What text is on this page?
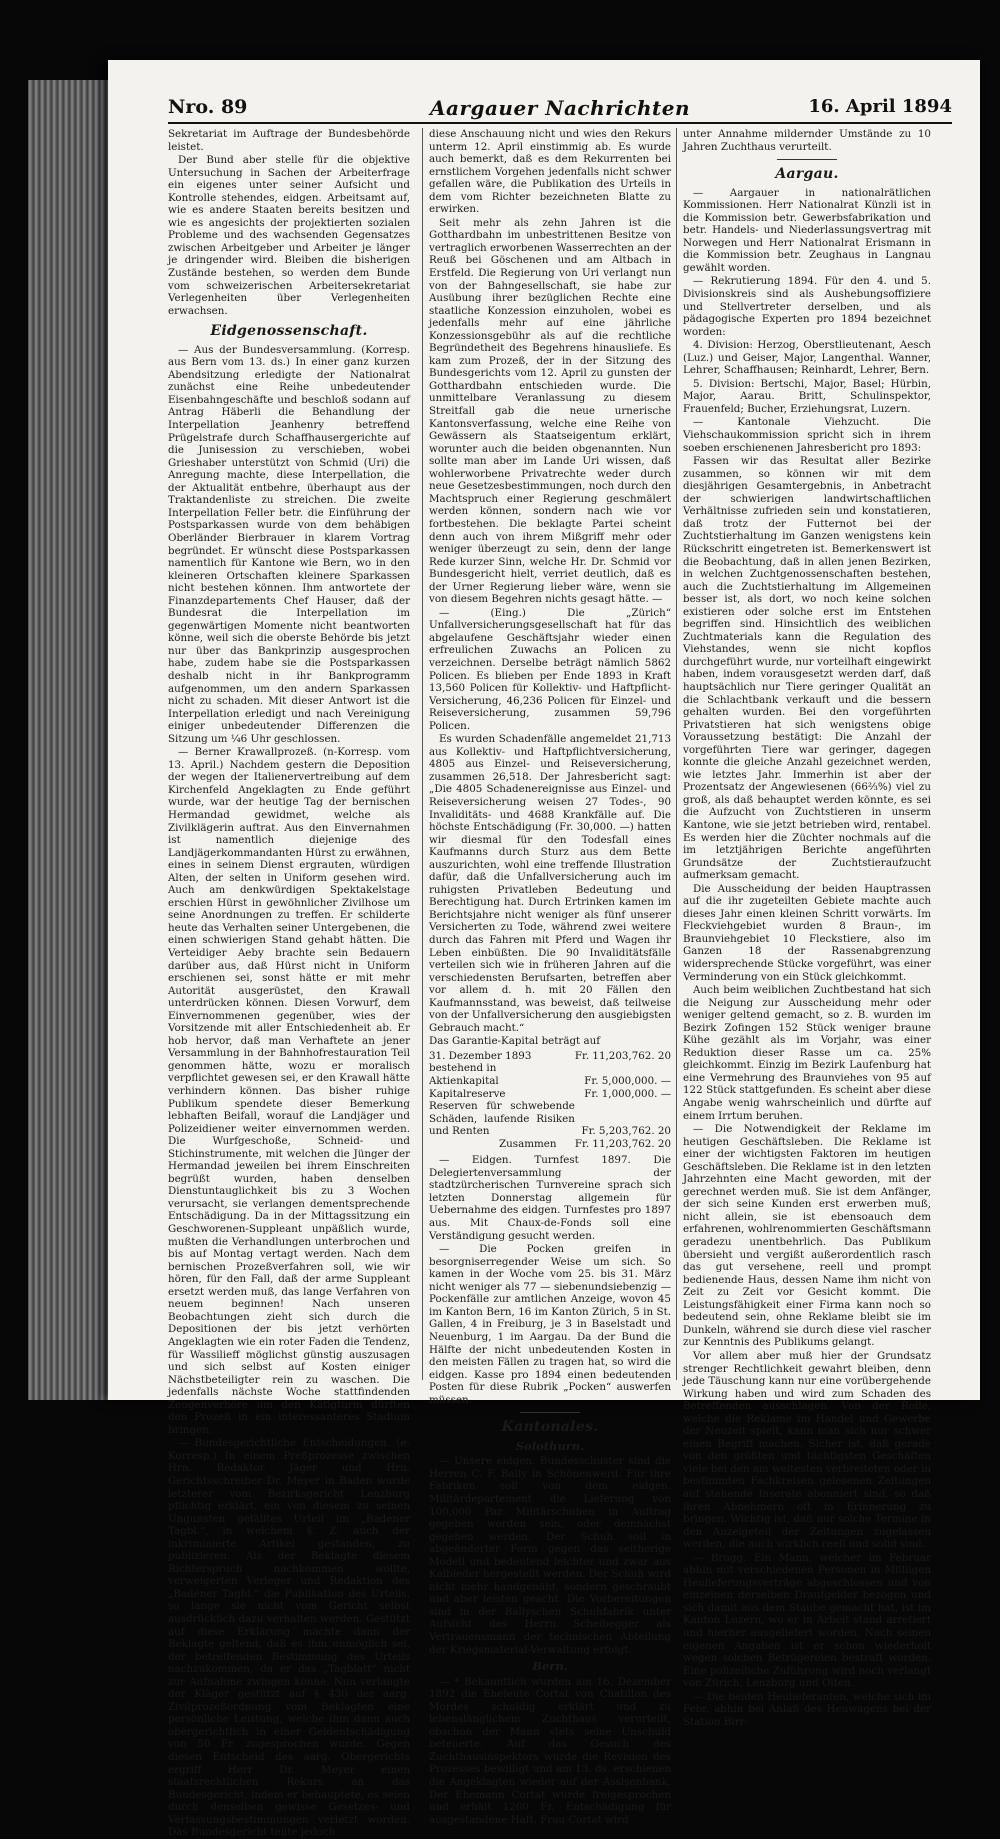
Nro. 89	Aargauer Nachrichten	16. April 1894

Sekretariat im Auftrage der Bundesbehörde leistet.

Der Bund aber stelle für die objektive Untersuchung in Sachen der Arbeiterfrage ein eigenes unter seiner Aufsicht und Kontrolle stehendes, eidgen. Arbeitsamt auf, wie es andere Staaten bereits besitzen und wie es angesichts der projektierten sozialen Probleme und des wachsenden Gegensatzes zwischen Arbeitgeber und Arbeiter je länger je dringender wird. Bleiben die bisherigen Zustände bestehen, so werden dem Bunde vom schweizerischen Arbeitersekretariat Verlegenheiten über Verlegenheiten erwachsen.

Eidgenossenschaft.

— Aus der Bundesversammlung. (Korresp. aus Bern vom 13. ds.) In einer ganz kurzen Abendsitzung erledigte der Nationalrat zunächst eine Reihe unbedeutender Eisenbahngeschäfte und beschloß sodann auf Antrag Häberli die Behandlung der Interpellation Jeanhenry betreffend Prügelstrafe durch Schaffhausergerichte auf die Junisession zu verschieben, wobei Grieshaber unterstützt von Schmid (Uri) die Anregung machte, diese Interpellation, die der Aktualität entbehre, überhaupt aus der Traktandenliste zu streichen. Die zweite Interpellation Feller betr. die Einführung der Postsparkassen wurde von dem behäbigen Oberländer Bierbrauer in klarem Vortrag begründet. Er wünscht diese Postsparkassen namentlich für Kantone wie Bern, wo in den kleineren Ortschaften kleinere Sparkassen nicht bestehen können. Ihm antwortete der Finanzdepartements Chef Hauser, daß der Bundesrat die Interpellation im gegenwärtigen Momente nicht beantworten könne, weil sich die oberste Behörde bis jetzt nur über das Bankprinzip ausgesprochen habe, zudem habe sie die Postsparkassen deshalb nicht in ihr Bankprogramm aufgenommen, um den andern Sparkassen nicht zu schaden. Mit dieser Antwort ist die Interpellation erledigt und nach Vereinigung einiger unbedeutender Differenzen die Sitzung um ¼6 Uhr geschlossen.

— Berner Krawallprozeß. (n-Korresp. vom 13. April.) Nachdem gestern die Deposition der wegen der Italienervertreibung auf dem Kirchenfeld Angeklagten zu Ende geführt wurde, war der heutige Tag der bernischen Hermandad gewidmet, welche als Zivilklägerin auftrat. Aus den Einvernahmen ist namentlich diejenige des Landjägerkommandanten Hürst zu erwähnen, eines in seinem Dienst ergrauten, würdigen Alten, der selten in Uniform gesehen wird. Auch am denkwürdigen Spektakelstage erschien Hürst in gewöhnlicher Zivilhose um seine Anordnungen zu treffen. Er schilderte heute das Verhalten seiner Untergebenen, die einen schwierigen Stand gehabt hätten. Die Verteidiger Aeby brachte sein Bedauern darüber aus, daß Hürst nicht in Uniform erschienen sei, sonst hätte er mit mehr Autorität ausgerüstet, den Krawall unterdrücken können. Diesen Vorwurf, dem Einvernommenen gegenüber, wies der Vorsitzende mit aller Entschiedenheit ab. Er hob hervor, daß man Verhaftete an jener Versammlung in der Bahnhofrestauration Teil genommen hätte, wozu er moralisch verpflichtet gewesen sei, er den Krawall hätte verhindern können. Das bisher ruhige Publikum spendete dieser Bemerkung lebhaften Beifall, worauf die Landjäger und Polizeidiener weiter einvernommen werden. Die Wurfgeschoße, Schneid- und Stichinstrumente, mit welchen die Jünger der Hermandad jeweilen bei ihrem Einschreiten begrüßt wurden, haben denselben Dienstuntauglichkeit bis zu 3 Wochen verursacht, sie verlangen dementsprechende Entschädigung. Da in der Mittagssitzung ein Geschworenen-Suppleant unpäßlich wurde, mußten die Verhandlungen unterbrochen und bis auf Montag vertagt werden. Nach dem bernischen Prozeßverfahren soll, wie wir hören, für den Fall, daß der arme Suppleant ersetzt werden muß, das lange Verfahren von neuem beginnen! Nach unseren Beobachtungen zieht sich durch die Depositionen der bis jetzt verhörten Angeklagten wie ein roter Faden die Tendenz, für Wassilieff möglichst günstig auszusagen und sich selbst auf Kosten einiger Nächstbeteiligter rein zu waschen. Die jedenfalls nächste Woche stattfindenden Zeugenverhöre um den Kätigturm dürften den Prozeß in ein interessanteres Stadium bringen.

— Bundesgerichtliche Entscheidungen. (e-Korresp.) In einem Preßprozesse zwischen Hrn. Redaktor Jäger und Hrn. Gerichtsschreiber Dr. Meyer in Baden wurde letzterer vom Bezirksgericht Lenzburg pflichtig erklärt, ein von diesem zu seinen Ungunsten gefälltes Urteil im „Badener Tagbl.“, in welchem §. Z. auch der inkriminierte Artikel gestanden, zu publizieren. Als der Beklagte diesem Richterspruch nachkommen wollte, verweigerten Verleger und Redaktion des „Badener Tagbl.“ die Publikation des Urteils, so lange sie nicht vom Gericht selbst ausdrücklich dazu verhalten werden. Gestützt auf diese Erklärung machte dann der Beklagte geltend, daß es ihm unmöglich sei, der betreffenden Bestimmung des Urteils nachzukommen, da er das „Tagblatt“ nicht zur Aufnahme zwingen könne. Nun verlangte der Kläger gestützt auf § 430 der aarg. Zivilprozeßordnung vom Beklagten eine persönliche Leistung, welche ihm dann auch obergerichtlich in einer Geldentschädigung von 50 Fr. zugesprochen wurde. Gegen diesen Entscheid des aarg. Obergerichts ergriff Herr Dr. Meyer einen staatsrechtlichen Rekurs an das Bundesgericht, indem er behauptete, es seien durch denselben gewisse Gesetzes- und Verfassungsbestimmungen verletzt worden. Das Bundesgericht teilte jedoch

diese Anschauung nicht und wies den Rekurs unterm 12. April einstimmig ab. Es wurde auch bemerkt, daß es dem Rekurrenten bei ernstlichem Vorgehen jedenfalls nicht schwer gefallen wäre, die Publikation des Urteils in dem vom Richter bezeichneten Blatte zu erwirken.

Seit mehr als zehn Jahren ist die Gotthardbahn im unbestrittenen Besitze von vertraglich erworbenen Wasserrechten an der Reuß bei Göschenen und am Altbach in Erstfeld. Die Regierung von Uri verlangt nun von der Bahngesellschaft, sie habe zur Ausübung ihrer bezüglichen Rechte eine staatliche Konzession einzuholen, wobei es jedenfalls mehr auf eine jährliche Konzessionsgebühr als auf die rechtliche Begründetheit des Begehrens hinausliefe. Es kam zum Prozeß, der in der Sitzung des Bundesgerichts vom 12. April zu gunsten der Gotthardbahn entschieden wurde. Die unmittelbare Veranlassung zu diesem Streitfall gab die neue urnerische Kantonsverfassung, welche eine Reihe von Gewässern als Staatseigentum erklärt, worunter auch die beiden obgenannten. Nun sollte man aber im Lande Uri wissen, daß wohlerworbene Privatrechte weder durch neue Gesetzesbestimmungen, noch durch den Machtspruch einer Regierung geschmälert werden können, sondern nach wie vor fortbestehen. Die beklagte Partei scheint denn auch von ihrem Mißgriff mehr oder weniger überzeugt zu sein, denn der lange Rede kurzer Sinn, welche Hr. Dr. Schmid vor Bundesgericht hielt, verriet deutlich, daß es der Urner Regierung lieber wäre, wenn sie von diesem Begehren nichts gesagt hätte. —

— (Eing.) Die „Zürich“ Unfallversicherungsgesellschaft hat für das abgelaufene Geschäftsjahr wieder einen erfreulichen Zuwachs an Policen zu verzeichnen. Derselbe beträgt nämlich 5862 Policen. Es blieben per Ende 1893 in Kraft 13,560 Policen für Kollektiv- und Haftpflicht-Versicherung, 46,236 Policen für Einzel- und Reiseversicherung, zusammen 59,796 Policen.

Es wurden Schadenfälle angemeldet 21,713 aus Kollektiv- und Haftpflichtversicherung, 4805 aus Einzel- und Reiseversicherung, zusammen 26,518. Der Jahresbericht sagt: „Die 4805 Schadenereignisse aus Einzel- und Reiseversicherung weisen 27 Todes-, 90 Invaliditäts- und 4688 Krankfälle auf. Die höchste Entschädigung (Fr. 30,000. —) hatten wir diesmal für den Todesfall eines Kaufmanns durch Sturz aus dem Bette auszurichten, wohl eine treffende Illustration dafür, daß die Unfallversicherung auch im ruhigsten Privatleben Bedeutung und Berechtigung hat. Durch Ertrinken kamen im Berichtsjahre nicht weniger als fünf unserer Versicherten zu Tode, während zwei weitere durch das Fahren mit Pferd und Wagen ihr Leben einbüßten. Die 90 Invaliditätsfälle verteilen sich wie in früheren Jahren auf die verschiedensten Berufsarten, betreffen aber vor allem d. h. mit 20 Fällen den Kaufmannsstand, was beweist, daß teilweise von der Unfallversicherung den ausgiebigsten Gebrauch macht.“

Das Garantie-Kapital beträgt auf

31. Dezember 1893	Fr. 11,203,762. 20
bestehend in	
Aktienkapital	Fr. 5,000,000. —
Kapitalreserve	Fr. 1,000,000. —
Reserven für schwebende Schäden, laufende Risiken und Renten	Fr. 5,203,762. 20
Zusammen	Fr. 11,203,762. 20

— Eidgen. Turnfest 1897. Die Delegiertenversammlung der stadtzürcherischen Turnvereine sprach sich letzten Donnerstag allgemein für Uebernahme des eidgen. Turnfestes pro 1897 aus. Mit Chaux-de-Fonds soll eine Verständigung gesucht werden.

— Die Pocken greifen in besorgniserregender Weise um sich. So kamen in der Woche vom 25. bis 31. März nicht weniger als 77 — siebenundsiebenzig — Pockenfälle zur amtlichen Anzeige, wovon 45 im Kanton Bern, 16 im Kanton Zürich, 5 in St. Gallen, 4 in Freiburg, je 3 in Baselstadt und Neuenburg, 1 im Aargau. Da der Bund die Hälfte der nicht unbedeutenden Kosten in den meisten Fällen zu tragen hat, so wird die eidgen. Kasse pro 1894 einen bedeutenden Posten für diese Rubrik „Pocken“ auswerfen müssen.

Kantonales.
Solothurn.

— Unsere eidgen. Bundesschuster sind die Herren C. F. Bally in Schönenwerd. Für ihre Fabriken soll von dem eidgen. Militärdepartement die Lieferung von 100,000 Par Militärschuhen in Auftrag gegeben worden sein, oder demnächst gegeben werden. Der Schuh soll in abgeänderter Form gegen das seitherige Modell und bedeutend leichter und zwar aus Kalbleder hergestellt werden. Der Schuh wird nicht mehr handgenäht, sondern geschraubt und aber leisten geacht. Die Vorbereitungen sind in der Ballyschen Schuhfabrik unter Aufsicht des Herrn Scheibegger als Vertrauensmann der technischen Abteilung der Kriegsmaterial-Verwaltung erfolgt.

Bern.

— * Bekanntlich wurden am 16. Dezember 1892 die Eheleute Cortat von Chatillon des Mordes schuldig erklärt und zu lebenslänglichem Zuchthaus verurteilt, obschon der Mann stets seine Unschuld beteuerte. Auf das Gesuch des Zuchthausinspektors wurde die Revision des Prozesses bewilligt und am 13. ds. erschienen die Angeklagten wieder auf der Assisenbank. Der Ehemann Cortat wurde freigesprochen und erhält 1200 Fr. Entschädigung für ausgestandene Haft. Frau Cortat wird

unter Annahme mildernder Umstände zu 10 Jahren Zuchthaus verurteilt.

Aargau.

— Aargauer in nationalrätlichen Kommissionen. Herr Nationalrat Künzli ist in die Kommission betr. Gewerbsfabrikation und betr. Handels- und Niederlassungsvertrag mit Norwegen und Herr Nationalrat Erismann in die Kommission betr. Zeughaus in Langnau gewählt worden.

— Rekrutierung 1894. Für den 4. und 5. Divisionskreis sind als Aushebungsoffiziere und Stellvertreter derselben, und als pädagogische Experten pro 1894 bezeichnet worden:

4. Division: Herzog, Oberstlieutenant, Aesch (Luz.) und Geiser, Major, Langenthal. Wanner, Lehrer, Schaffhausen; Reinhardt, Lehrer, Bern.

5. Division: Bertschi, Major, Basel; Hürbin, Major, Aarau. Britt, Schulinspektor, Frauenfeld; Bucher, Erziehungsrat, Luzern.

— Kantonale Viehzucht. Die Viehschaukommission spricht sich in ihrem soeben erschienenen Jahresbericht pro 1893:

Fassen wir das Resultat aller Bezirke zusammen, so können wir mit dem diesjährigen Gesamtergebnis, in Anbetracht der schwierigen landwirtschaftlichen Verhältnisse zufrieden sein und konstatieren, daß trotz der Futternot bei der Zuchtstierhaltung im Ganzen wenigstens kein Rückschritt eingetreten ist. Bemerkenswert ist die Beobachtung, daß in allen jenen Bezirken, in welchen Zuchtgenossenschaften bestehen, auch die Zuchtstierhaltung im Allgemeinen besser ist, als dort, wo noch keine solchen existieren oder solche erst im Entstehen begriffen sind. Hinsichtlich des weiblichen Zuchtmaterials kann die Regulation des Viehstandes, wenn sie nicht kopflos durchgeführt wurde, nur vorteilhaft eingewirkt haben, indem vorausgesetzt werden darf, daß hauptsächlich nur Tiere geringer Qualität an die Schlachtbank verkauft und die bessern gehalten wurden. Bei den vorgeführten Privatstieren hat sich wenigstens obige Voraussetzung bestätigt: Die Anzahl der vorgeführten Tiere war geringer, dagegen konnte die gleiche Anzahl gezeichnet werden, wie letztes Jahr. Immerhin ist aber der Prozentsatz der Angewiesenen (66⅔%) viel zu groß, als daß behauptet werden könnte, es sei die Aufzucht von Zuchtstieren in unserm Kantone, wie sie jetzt betrieben wird, rentabel. Es werden hier die Züchter nochmals auf die im letztjährigen Berichte angeführten Grundsätze der Zuchtstieraufzucht aufmerksam gemacht.

Die Ausscheidung der beiden Hauptrassen auf die ihr zugeteilten Gebiete machte auch dieses Jahr einen kleinen Schritt vorwärts. Im Fleckviehgebiet wurden 8 Braun-, im Braunviehgebiet 10 Fleckstiere, also im Ganzen 18 der Rassenabgrenzung widersprechende Stücke vorgeführt, was einer Verminderung von ein Stück gleichkommt.

Auch beim weiblichen Zuchtbestand hat sich die Neigung zur Ausscheidung mehr oder weniger geltend gemacht, so z. B. wurden im Bezirk Zofingen 152 Stück weniger braune Kühe gezählt als im Vorjahr, was einer Reduktion dieser Rasse um ca. 25% gleichkommt. Einzig im Bezirk Laufenburg hat eine Vermehrung des Braunviehes von 95 auf 122 Stück stattgefunden. Es scheint aber diese Angabe wenig wahrscheinlich und dürfte auf einem Irrtum beruhen.

— Die Notwendigkeit der Reklame im heutigen Geschäftsleben. Die Reklame ist einer der wichtigsten Faktoren im heutigen Geschäftsleben. Die Reklame ist in den letzten Jahrzehnten eine Macht geworden, mit der gerechnet werden muß. Sie ist dem Anfänger, der sich seine Kunden erst erwerben muß, nicht allein, sie ist ebensoauch dem erfahrenen, wohlrenommierten Geschäftsmann geradezu unentbehrlich. Das Publikum übersieht und vergißt außerordentlich rasch das gut versehene, reell und prompt bedienende Haus, dessen Name ihm nicht von Zeit zu Zeit vor Gesicht kommt. Die Leistungsfähigkeit einer Firma kann noch so bedeutend sein, ohne Reklame bleibt sie im Dunkeln, während sie durch diese viel rascher zur Kenntnis des Publikums gelangt.

Vor allem aber muß hier der Grundsatz strenger Rechtlichkeit gewahrt bleiben, denn jede Täuschung kann nur eine vorübergehende Wirkung haben und wird zum Schaden des Betreffenden ausschlagen. Von der Rolle, welche die Reklame im Handel und Gewerbe der Neuzeit spielt, kann man sich nur schwer einen Begriff machen. Sicher ist, daß gerade von den größten und tüchtigsten Geschäften viele bei den am weitesten verbreiteten oder in bestimmten Fachkreisen gelesenen Zeitungen auf stehende Inserate abonniert sind, so daß ihren Abnehmern oft in Erinnerung zu bringen. Wichtig ist, daß nur solche Termine in den Anzeigeteil der Zeitungen zugelassen werden, die auch wirklich reell und solid sind.

— Brugg. Ein Mann, welcher im Februar abhin mit verschiedenen Personen in Mülligen Heulieferungsverträge abgeschlossen und von einzelnen derselben Draufgelder bezogen und sich damit aus dem Staube gemacht hat, ist im Kanton Luzern, wo er in Arbeit stand arretiert und hierher ausgeliefert worden. Nach seinen eigenen Angaben ist er schon wiederholt wegen solchen Betrügereien bestraft worden. Eine polizeiliche Zuführung wird noch verlangt von Zürich, Lenzburg und Olten.

— Die beiden Heulieferanten, welche sich im Febr. abhin bei Anlaß des Heuwagens bei der Station Birr-
